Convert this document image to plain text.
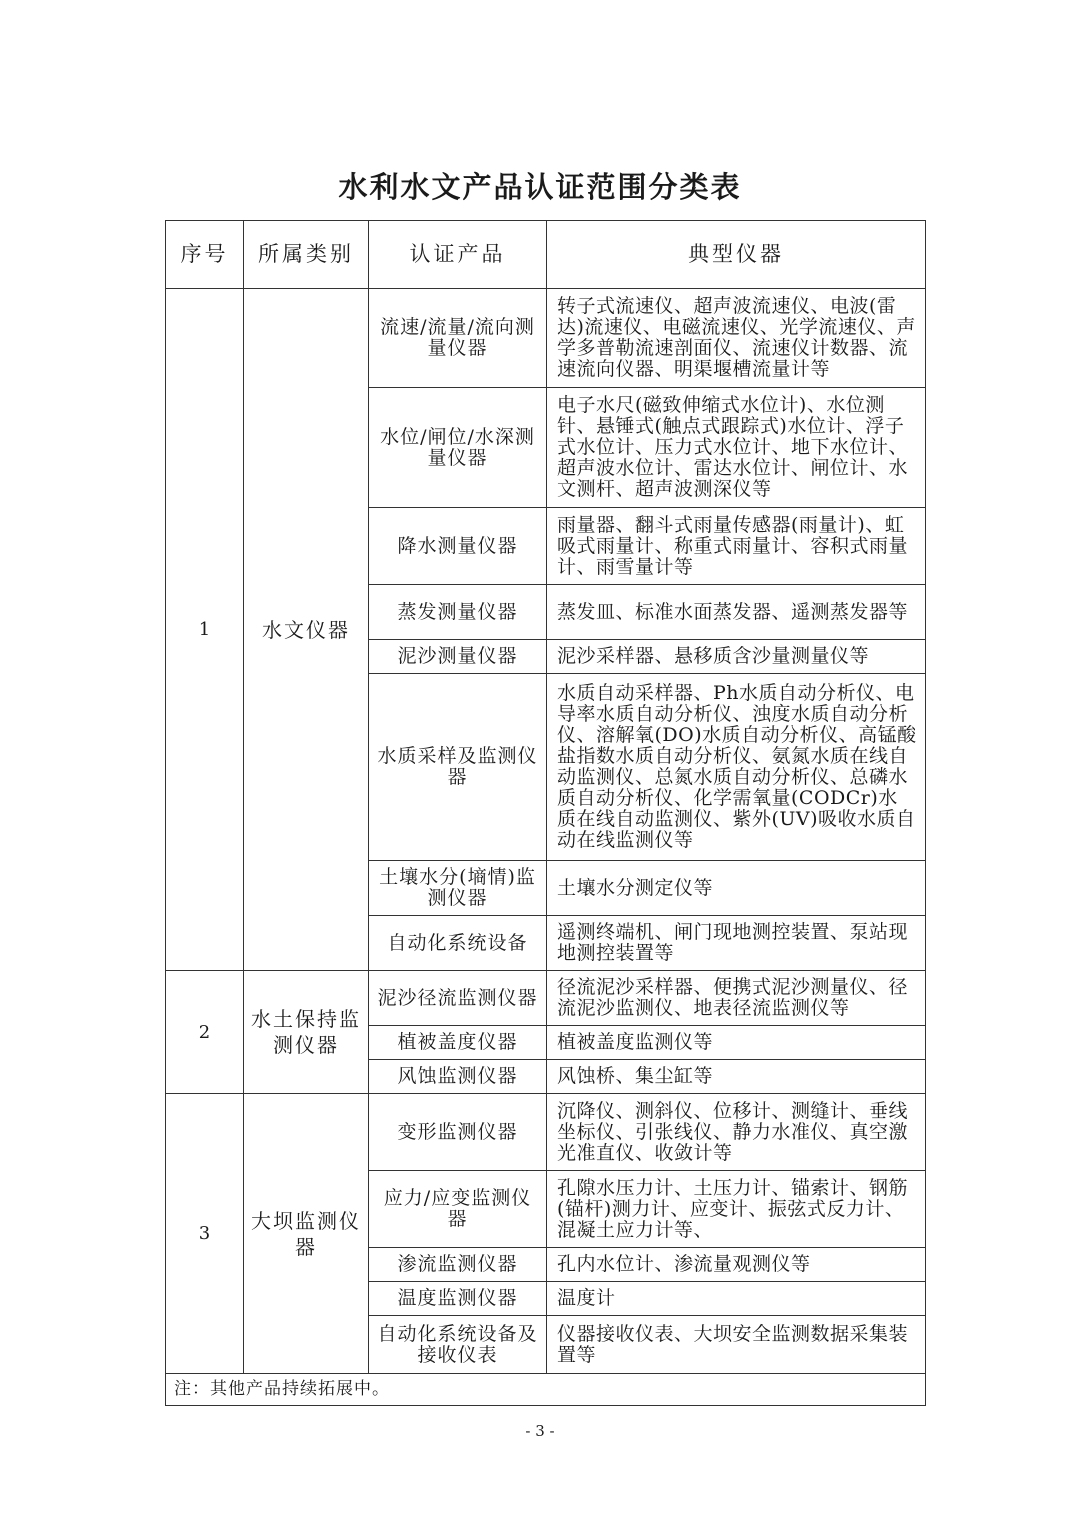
水利水文产品认证范围分类表
序号	所属类别	认证产品	典型仪器
1	水文仪器	流速/流量/流向测量仪器	转子式流速仪、超声波流速仪、电波(雷达)流速仪、电磁流速仪、光学流速仪、声学多普勒流速剖面仪、流速仪计数器、流速流向仪器、明渠堰槽流量计等
		水位/闸位/水深测量仪器	电子水尺(磁致伸缩式水位计)、水位测针、悬锤式(触点式跟踪式)水位计、浮子式水位计、压力式水位计、地下水位计、超声波水位计、雷达水位计、闸位计、水文测杆、超声波测深仪等
		降水测量仪器	雨量器、翻斗式雨量传感器(雨量计)、虹吸式雨量计、称重式雨量计、容积式雨量计、雨雪量计等
		蒸发测量仪器	蒸发皿、标准水面蒸发器、遥测蒸发器等
		泥沙测量仪器	泥沙采样器、悬移质含沙量测量仪等
		水质采样及监测仪器	水质自动采样器、Ph水质自动分析仪、电导率水质自动分析仪、浊度水质自动分析仪、溶解氧(DO)水质自动分析仪、高锰酸盐指数水质自动分析仪、氨氮水质在线自动监测仪、总氮水质自动分析仪、总磷水质自动分析仪、化学需氧量(CODCr)水质在线自动监测仪、紫外(UV)吸收水质自动在线监测仪等
		土壤水分(墒情)监测仪器	土壤水分测定仪等
		自动化系统设备	遥测终端机、闸门现地测控装置、泵站现地测控装置等
2	水土保持监测仪器	泥沙径流监测仪器	径流泥沙采样器、便携式泥沙测量仪、径流泥沙监测仪、地表径流监测仪等
		植被盖度仪器	植被盖度监测仪等
		风蚀监测仪器	风蚀桥、集尘缸等
3	大坝监测仪器	变形监测仪器	沉降仪、测斜仪、位移计、测缝计、垂线坐标仪、引张线仪、静力水准仪、真空激光准直仪、收敛计等
		应力/应变监测仪器	孔隙水压力计、土压力计、锚索计、钢筋(锚杆)测力计、应变计、振弦式反力计、混凝土应力计等、
		渗流监测仪器	孔内水位计、渗流量观测仪等
		温度监测仪器	温度计
		自动化系统设备及接收仪表	仪器接收仪表、大坝安全监测数据采集装置等
注：其他产品持续拓展中。			
- 3 -
